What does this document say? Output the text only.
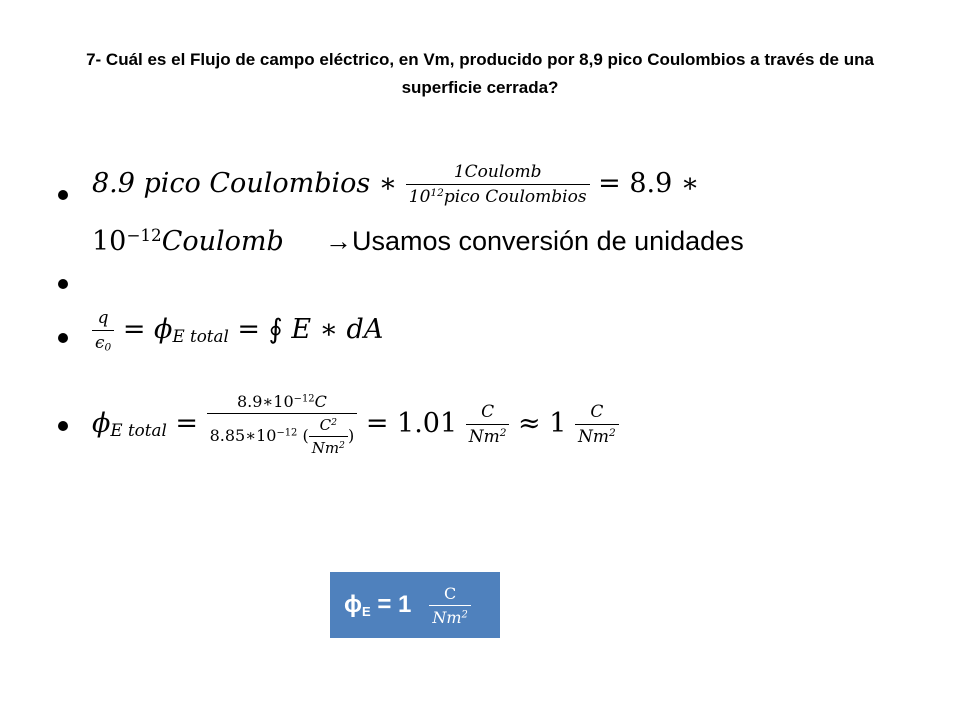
7- Cuál es el Flujo de campo eléctrico, en Vm, producido por 8,9 pico Coulombios a través de una superficie cerrada?
8.9 pico Coulombios ∗ $\frac{\text{1Coulomb}}{10^{12}pico Coulombios} = 8.9$ ∗
$10^{-12}Coulomb$ →Usamos conversión de unidades
$\frac{q}{\epsilon_0} = \phi_{E total}$ = ∮ E ∗ dA
$\phi_{E total} = \frac{8.9∗10^{-12}C}{8.85∗10^{-12} ( \frac{C^2}{Nm^2} )} = 1.01 \frac{C}{Nm^2} \approx 1 \frac{C}{Nm^2}$
$\phi_E = 1 \frac{C}{Nm^2}$
